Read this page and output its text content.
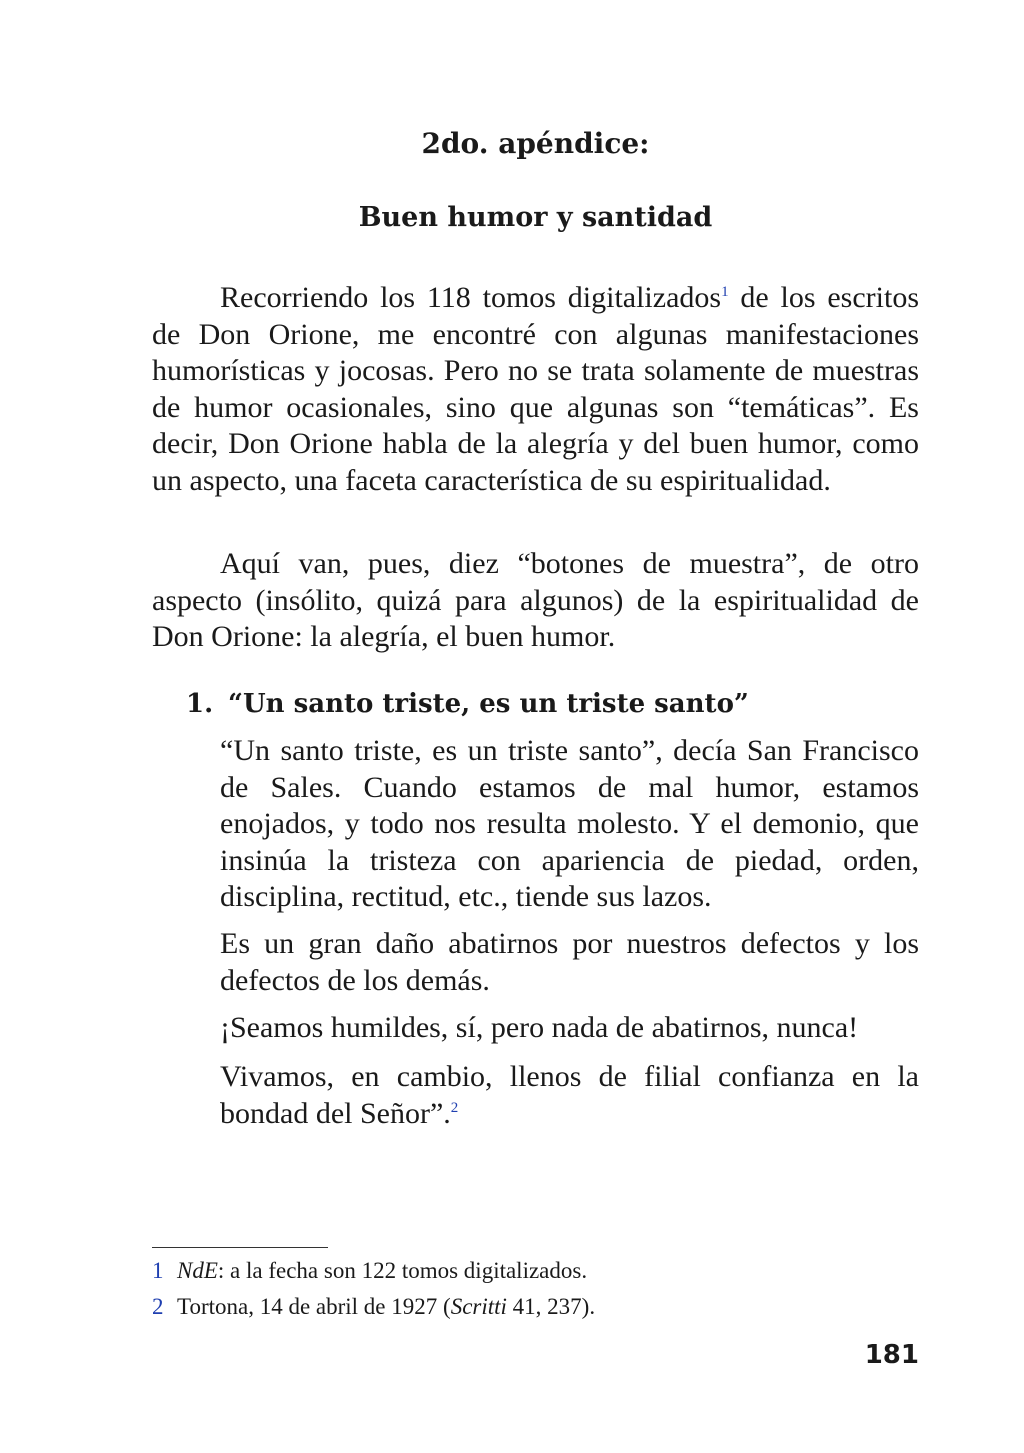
2do. apéndice:
Buen humor y santidad

Recorriendo los 118 tomos digitalizados$^1$ de los escritos de Don Orione, me encontré con algunas manifestaciones humorísticas y jocosas. Pero no se trata solamente de muestras de humor ocasionales, sino que algunas son “temáticas”. Es decir, Don Orione habla de la alegría y del buen humor, como un aspecto, una faceta característica de su espiritualidad.

Aquí van, pues, diez “botones de muestra”, de otro aspecto (insólito, quizá para algunos) de la espiritualidad de Don Orione: la alegría, el buen humor.

1. “Un santo triste, es un triste santo”

“Un santo triste, es un triste santo”, decía San Francisco de Sales. Cuando estamos de mal humor, estamos enojados, y todo nos resulta molesto. Y el demonio, que insinúa la tristeza con apariencia de piedad, orden, disciplina, rectitud, etc., tiende sus lazos.

Es un gran daño abatirnos por nuestros defectos y los defectos de los demás.

¡Seamos humildes, sí, pero nada de abatirnos, nunca!

Vivamos, en cambio, llenos de filial confianza en la bondad del Señor”.$^2$

1 NdE: a la fecha son 122 tomos digitalizados.

2 Tortona, 14 de abril de 1927 (Scritti 41, 237).

181
